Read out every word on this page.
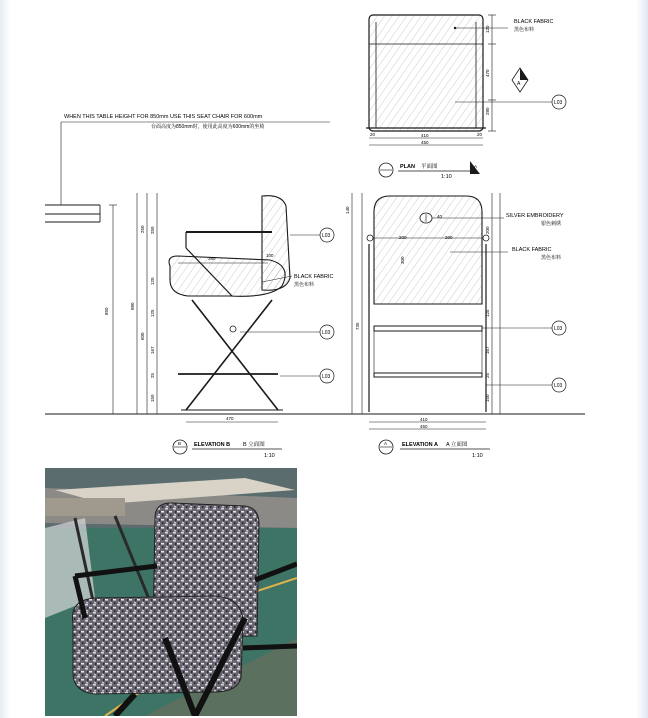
120
470
280
20	410	20
450
BLACK FABRIC
黑色布料
L03
A
PLAN 平面图
1:10
A
WHEN THIS TABLE HEIGHT FOR 850mm USE THIS SEAT CHAIR FOR 600mm
台面高度为850mm时，使用此高度为600mm的坐椅
850
880
250
600
250
120
125
167
25
150
380
100
470
L03
L03
L03
BLACK FABRIC
黑色布料
B ELEVATION B B 立面图
1:10
140
735
200	200
40
300
200
125
167
25
150
410
450
SILVER EMBROIDERY
银色刺绣
BLACK FABRIC
黑色布料
L03
L03
A	ELEVATION A A 立面图
1:10
